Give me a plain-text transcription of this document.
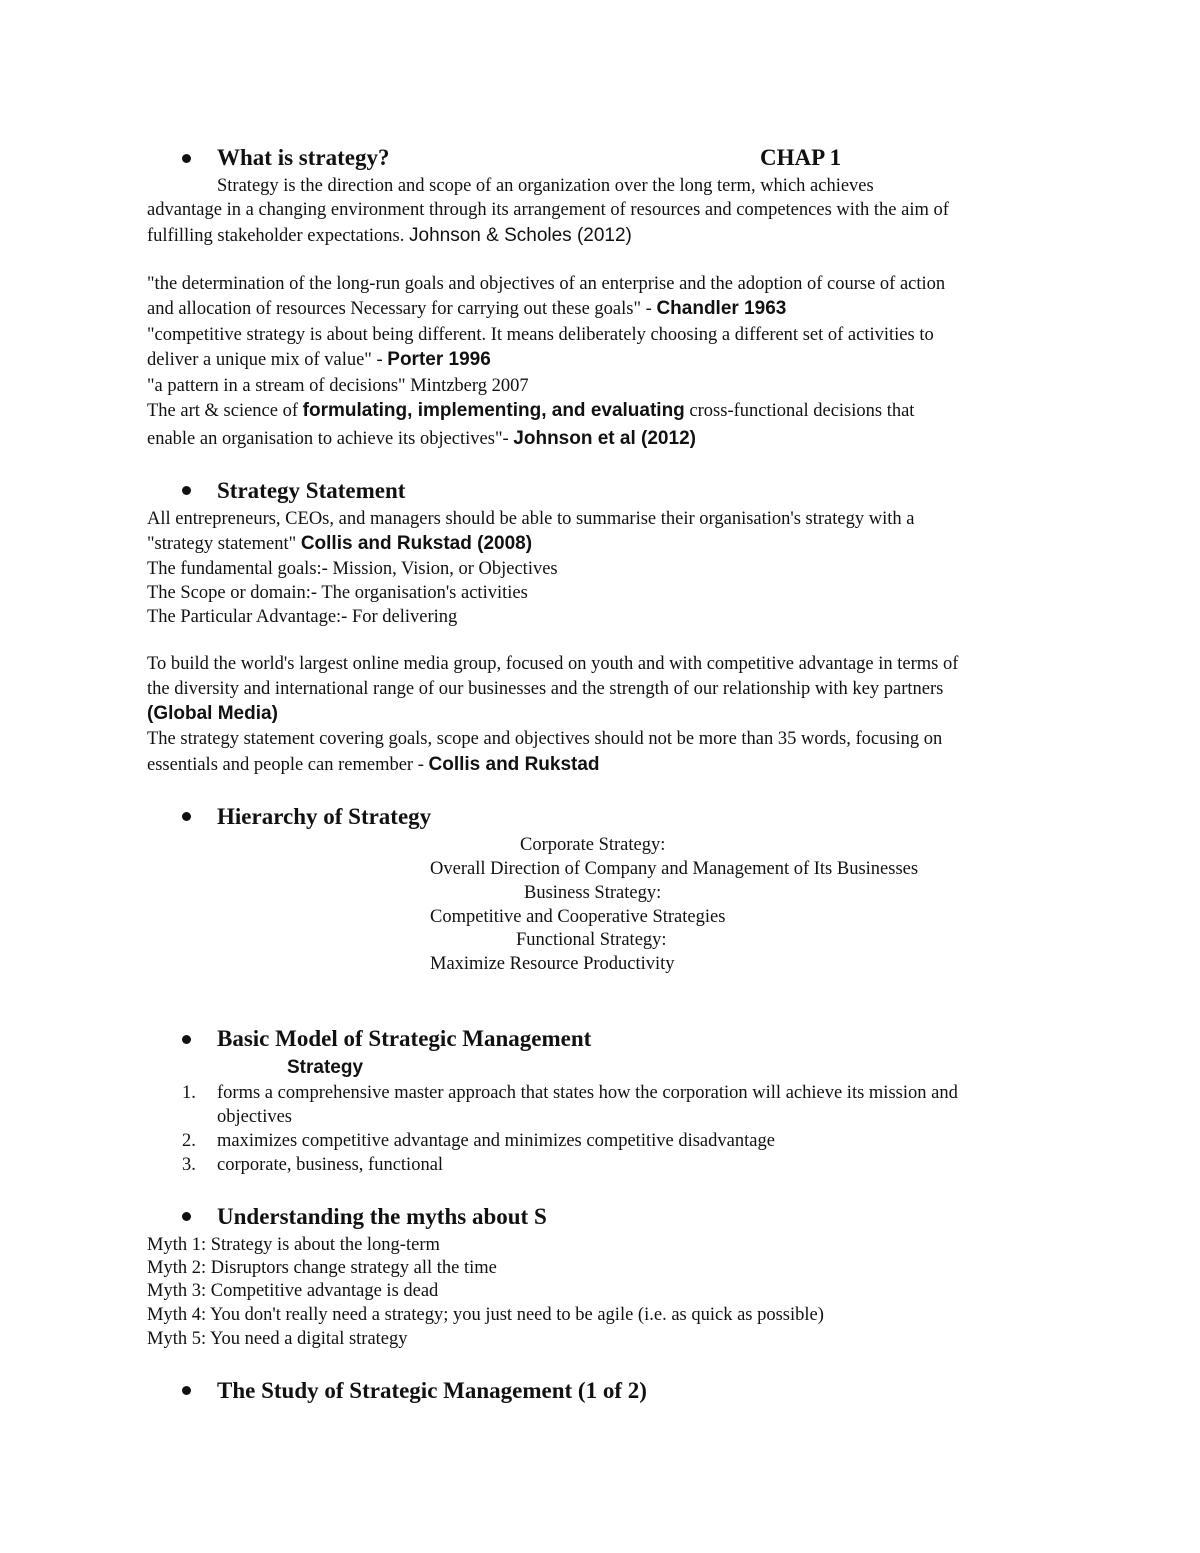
What is strategy?	CHAP 1
Strategy is the direction and scope of an organization over the long term, which achieves
advantage in a changing environment through its arrangement of resources and competences with the aim of
fulfilling stakeholder expectations. Johnson & Scholes (2012)
"the determination of the long-run goals and objectives of an enterprise and the adoption of course of action
and allocation of resources Necessary for carrying out these goals" - Chandler 1963
"competitive strategy is about being different. It means deliberately choosing a different set of activities to
deliver a unique mix of value" - Porter 1996
"a pattern in a stream of decisions" Mintzberg 2007
The art & science of formulating, implementing, and evaluating cross-functional decisions that
enable an organisation to achieve its objectives"- Johnson et al (2012)
Strategy Statement
All entrepreneurs, CEOs, and managers should be able to summarise their organisation's strategy with a
"strategy statement" Collis and Rukstad (2008)
The fundamental goals:- Mission, Vision, or Objectives
The Scope or domain:- The organisation's activities
The Particular Advantage:- For delivering
To build the world's largest online media group, focused on youth and with competitive advantage in terms of
the diversity and international range of our businesses and the strength of our relationship with key partners
(Global Media)
The strategy statement covering goals, scope and objectives should not be more than 35 words, focusing on
essentials and people can remember - Collis and Rukstad
Hierarchy of Strategy
Corporate Strategy:
Overall Direction of Company and Management of Its Businesses
Business Strategy:
Competitive and Cooperative Strategies
Functional Strategy:
Maximize Resource Productivity
Basic Model of Strategic Management
Strategy
1. forms a comprehensive master approach that states how the corporation will achieve its mission and
objectives
2. maximizes competitive advantage and minimizes competitive disadvantage
3. corporate, business, functional
Understanding the myths about S
Myth 1: Strategy is about the long-term
Myth 2: Disruptors change strategy all the time
Myth 3: Competitive advantage is dead
Myth 4: You don't really need a strategy; you just need to be agile (i.e. as quick as possible)
Myth 5: You need a digital strategy
The Study of Strategic Management (1 of 2)
